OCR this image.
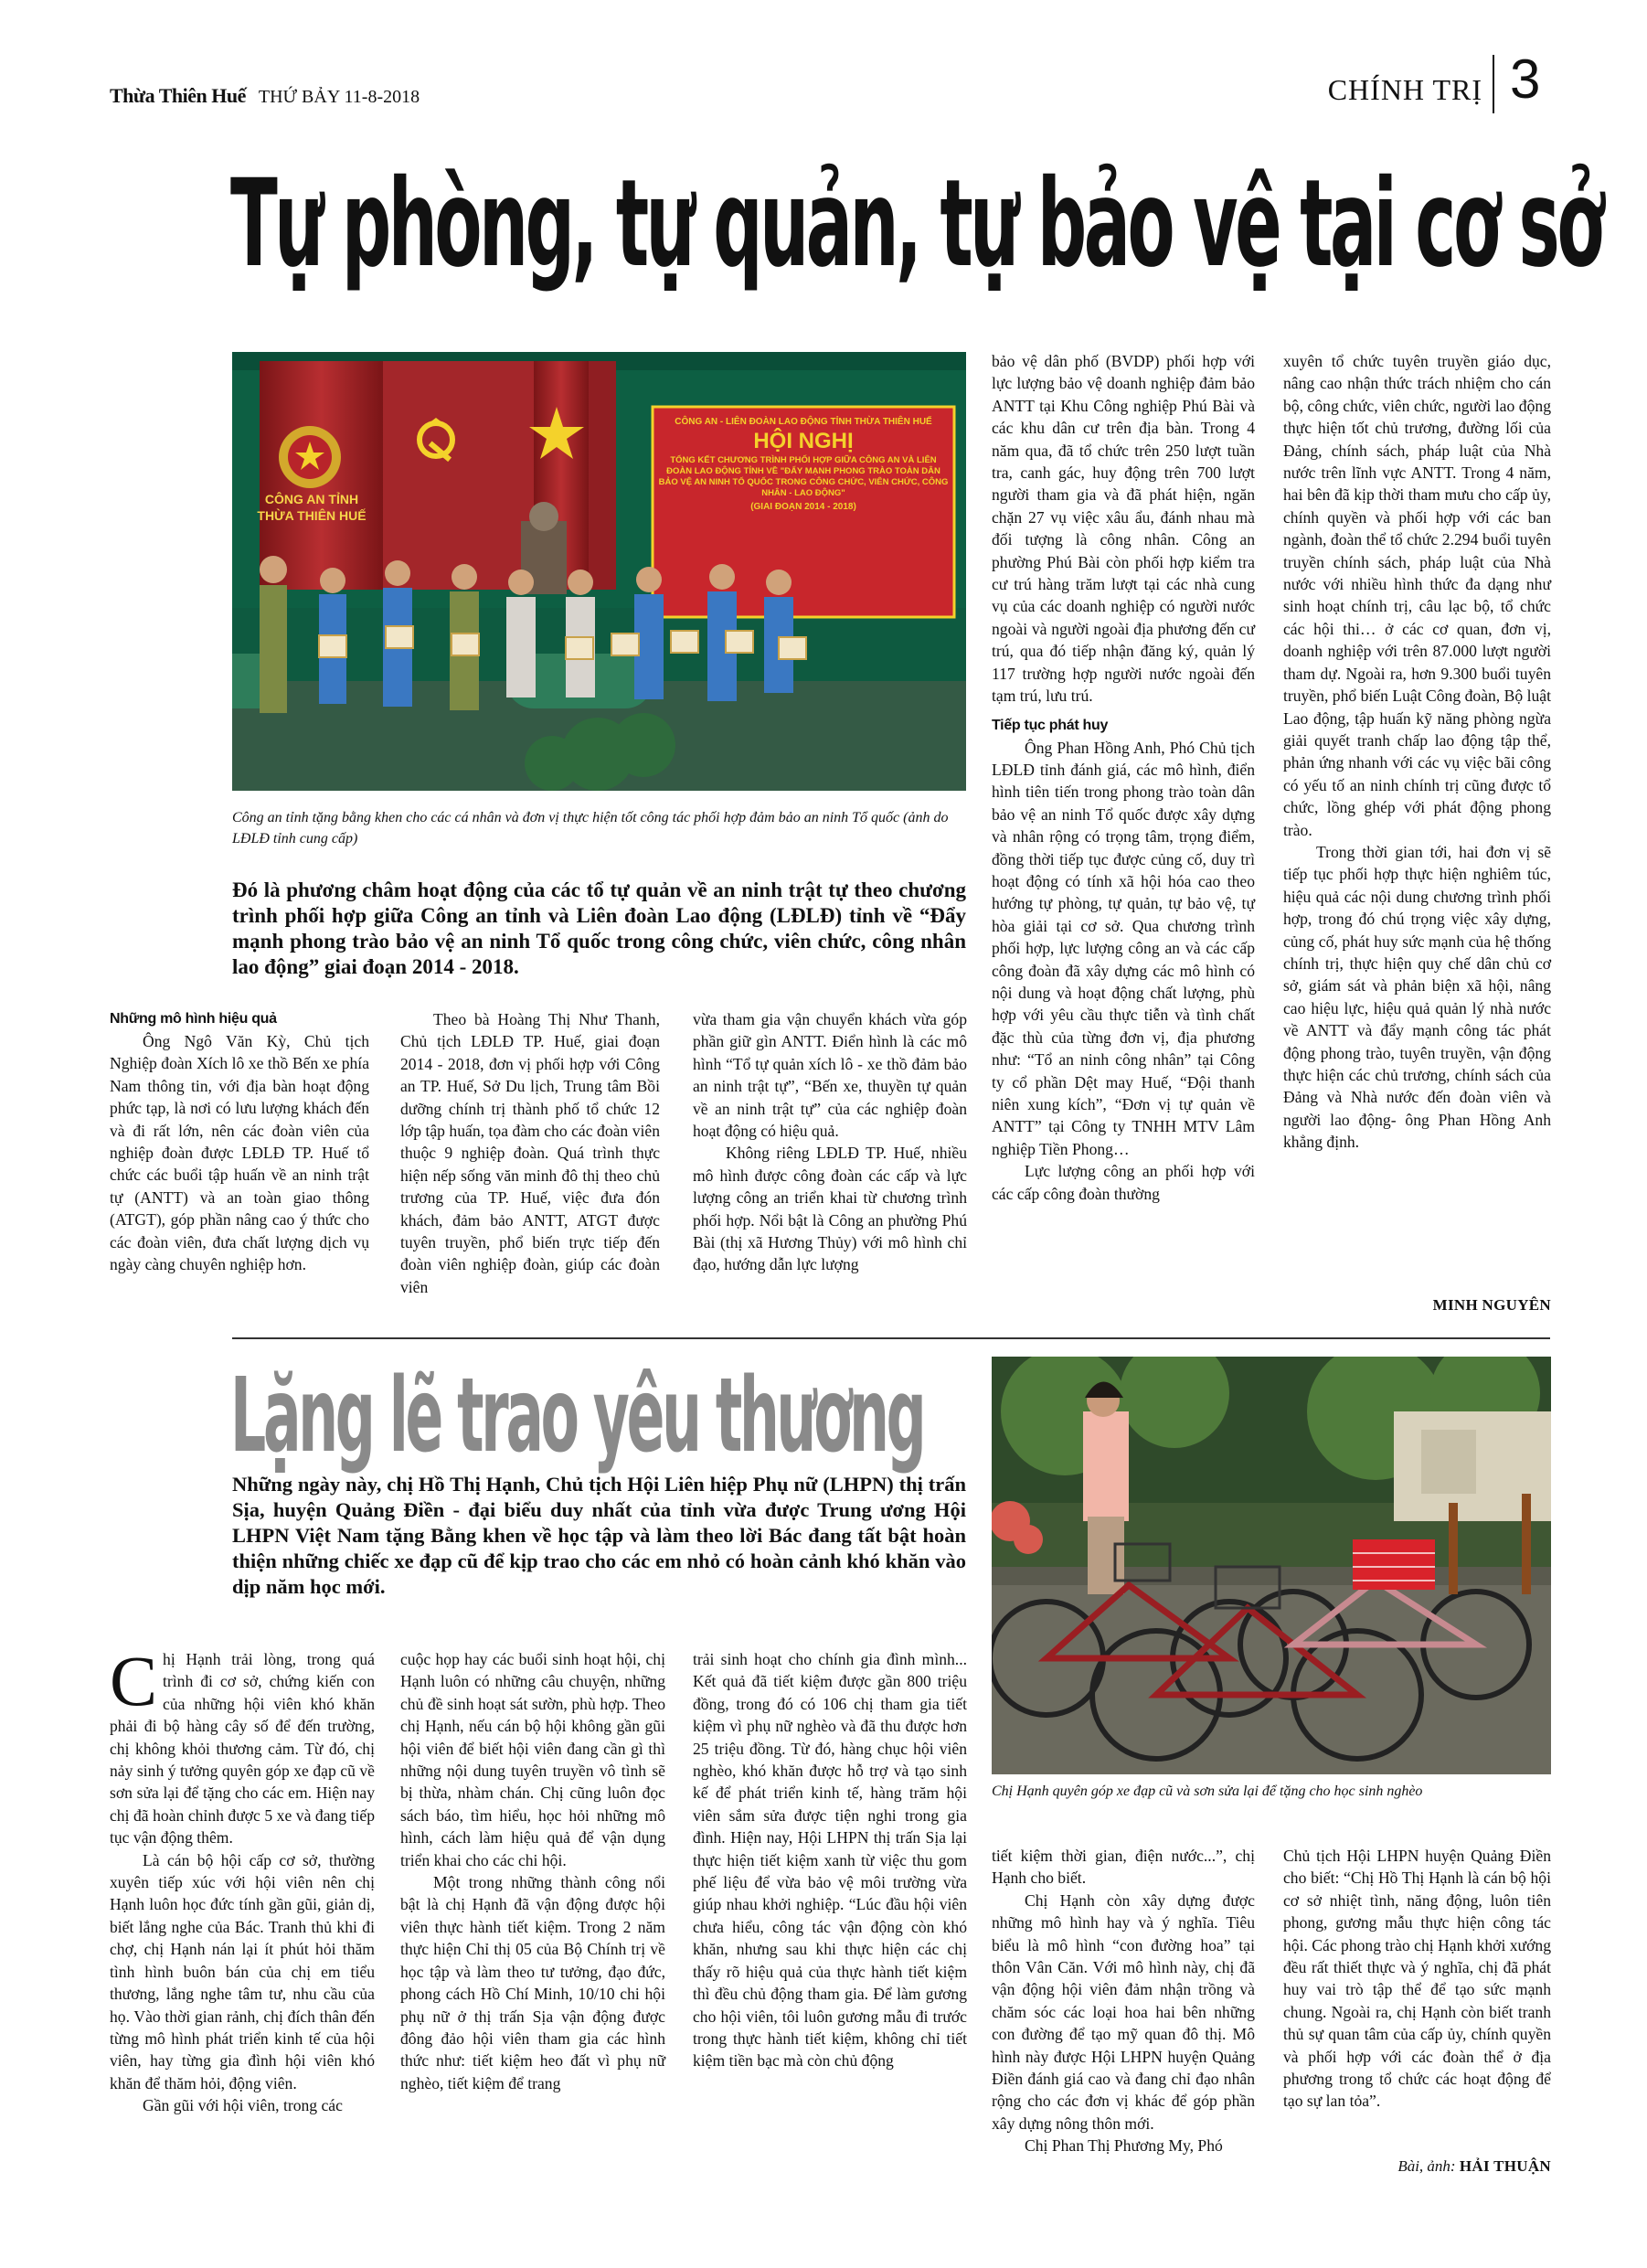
Thừa Thiên Huế THỨ BẢY 11-8-2018	CHÍNH TRỊ 3
Tự phòng, tự quản, tự bảo vệ tại cơ sở
CÔNG AN TỈNH THỪA THIÊN HUẾ
CÔNG AN - LIÊN ĐOÀN LAO ĐỘNG TỈNH THỪA THIÊN HUẾ
HỘI NGHỊ
TỔNG KẾT CHƯƠNG TRÌNH PHỐI HỢP GIỮA CÔNG AN VÀ LIÊN ĐOÀN LAO ĐỘNG TỈNH VỀ "ĐẨY MẠNH PHONG TRÀO TOÀN DÂN BẢO VỆ AN NINH TỔ QUỐC TRONG CÔNG CHỨC, VIÊN CHỨC, CÔNG NHÂN - LAO ĐỘNG"
(GIAI ĐOẠN 2014 - 2018)
Công an tỉnh tặng bằng khen cho các cá nhân và đơn vị thực hiện tốt công tác phối hợp đảm bảo an ninh Tổ quốc (ảnh do LĐLĐ tỉnh cung cấp)
Đó là phương châm hoạt động của các tổ tự quản về an ninh trật tự theo chương trình phối hợp giữa Công an tỉnh và Liên đoàn Lao động (LĐLĐ) tỉnh về “Đẩy mạnh phong trào bảo vệ an ninh Tổ quốc trong công chức, viên chức, công nhân lao động” giai đoạn 2014 - 2018.
Những mô hình hiệu quả

Ông Ngô Văn Kỳ, Chủ tịch Nghiệp đoàn Xích lô xe thồ Bến xe phía Nam thông tin, với địa bàn hoạt động phức tạp, là nơi có lưu lượng khách đến và đi rất lớn, nên các đoàn viên của nghiệp đoàn được LĐLĐ TP. Huế tổ chức các buổi tập huấn về an ninh trật tự (ANTT) và an toàn giao thông (ATGT), góp phần nâng cao ý thức cho các đoàn viên, đưa chất lượng dịch vụ ngày càng chuyên nghiệp hơn.

Theo bà Hoàng Thị Như Thanh, Chủ tịch LĐLĐ TP. Huế, giai đoạn 2014 - 2018, đơn vị phối hợp với Công an TP. Huế, Sở Du lịch, Trung tâm Bồi dưỡng chính trị thành phố tổ chức 12 lớp tập huấn, tọa đàm cho các đoàn viên thuộc 9 nghiệp đoàn. Quá trình thực hiện nếp sống văn minh đô thị theo chủ trương của TP. Huế, việc đưa đón khách, đảm bảo ANTT, ATGT được tuyên truyền, phổ biến trực tiếp đến đoàn viên nghiệp đoàn, giúp các đoàn viên

vừa tham gia vận chuyển khách vừa góp phần giữ gìn ANTT. Điển hình là các mô hình “Tổ tự quản xích lô - xe thồ đảm bảo an ninh trật tự”, “Bến xe, thuyền tự quản về an ninh trật tự” của các nghiệp đoàn hoạt động có hiệu quả.

Không riêng LĐLĐ TP. Huế, nhiều mô hình được công đoàn các cấp và lực lượng công an triển khai từ chương trình phối hợp. Nổi bật là Công an phường Phú Bài (thị xã Hương Thủy) với mô hình chỉ đạo, hướng dẫn lực lượng

bảo vệ dân phố (BVDP) phối hợp với lực lượng bảo vệ doanh nghiệp đảm bảo ANTT tại Khu Công nghiệp Phú Bài và các khu dân cư trên địa bàn. Trong 4 năm qua, đã tổ chức trên 250 lượt tuần tra, canh gác, huy động trên 700 lượt người tham gia và đã phát hiện, ngăn chặn 27 vụ việc xâu ẩu, đánh nhau mà đối tượng là công nhân. Công an phường Phú Bài còn phối hợp kiểm tra cư trú hàng trăm lượt tại các nhà cung vụ của các doanh nghiệp có người nước ngoài và người ngoài địa phương đến cư trú, qua đó tiếp nhận đăng ký, quản lý 117 trường hợp người nước ngoài đến tạm trú, lưu trú.

Tiếp tục phát huy

Ông Phan Hồng Anh, Phó Chủ tịch LĐLĐ tỉnh đánh giá, các mô hình, điển hình tiên tiến trong phong trào toàn dân bảo vệ an ninh Tổ quốc được xây dựng và nhân rộng có trọng tâm, trọng điểm, đồng thời tiếp tục được củng cố, duy trì hoạt động có tính xã hội hóa cao theo hướng tự phòng, tự quản, tự bảo vệ, tự hòa giải tại cơ sở. Qua chương trình phối hợp, lực lượng công an và các cấp công đoàn đã xây dựng các mô hình có nội dung và hoạt động chất lượng, phù hợp với yêu cầu thực tiễn và tình chất đặc thù của từng đơn vị, địa phương như: “Tổ an ninh công nhân” tại Công ty cổ phần Dệt may Huế, “Đội thanh niên xung kích”, “Đơn vị tự quản về ANTT” tại Công ty TNHH MTV Lâm nghiệp Tiền Phong…

Lực lượng công an phối hợp với các cấp công đoàn thường

xuyên tổ chức tuyên truyền giáo dục, nâng cao nhận thức trách nhiệm cho cán bộ, công chức, viên chức, người lao động thực hiện tốt chủ trương, đường lối của Đảng, chính sách, pháp luật của Nhà nước trên lĩnh vực ANTT. Trong 4 năm, hai bên đã kịp thời tham mưu cho cấp ủy, chính quyền và phối hợp với các ban ngành, đoàn thể tổ chức 2.294 buổi tuyên truyền chính sách, pháp luật của Nhà nước với nhiều hình thức đa dạng như sinh hoạt chính trị, câu lạc bộ, tổ chức các hội thi… ở các cơ quan, đơn vị, doanh nghiệp với trên 87.000 lượt người tham dự. Ngoài ra, hơn 9.300 buổi tuyên truyền, phổ biến Luật Công đoàn, Bộ luật Lao động, tập huấn kỹ năng phòng ngừa giải quyết tranh chấp lao động tập thể, phản ứng nhanh với các vụ việc bãi công có yếu tố an ninh chính trị cũng được tổ chức, lồng ghép với phát động phong trào.

Trong thời gian tới, hai đơn vị sẽ tiếp tục phối hợp thực hiện nghiêm túc, hiệu quả các nội dung chương trình phối hợp, trong đó chú trọng việc xây dựng, củng cố, phát huy sức mạnh của hệ thống chính trị, thực hiện quy chế dân chủ cơ sở, giám sát và phản biện xã hội, nâng cao hiệu lực, hiệu quả quản lý nhà nước về ANTT và đẩy mạnh công tác phát động phong trào, tuyên truyền, vận động thực hiện các chủ trương, chính sách của Đảng và Nhà nước đến đoàn viên và người lao động- ông Phan Hồng Anh khẳng định.

MINH NGUYÊN
Lặng lẽ trao yêu thương
Những ngày này, chị Hồ Thị Hạnh, Chủ tịch Hội Liên hiệp Phụ nữ (LHPN) thị trấn Sịa, huyện Quảng Điền - đại biểu duy nhất của tỉnh vừa được Trung ương Hội LHPN Việt Nam tặng Bằng khen về học tập và làm theo lời Bác đang tất bật hoàn thiện những chiếc xe đạp cũ để kịp trao cho các em nhỏ có hoàn cảnh khó khăn vào dịp năm học mới.
Chị Hạnh quyên góp xe đạp cũ và sơn sửa lại để tặng cho học sinh nghèo

Chị Hạnh trải lòng, trong quá trình đi cơ sở, chứng kiến con của những hội viên khó khăn phải đi bộ hàng cây số để đến trường, chị không khỏi thương cảm. Từ đó, chị nảy sinh ý tưởng quyên góp xe đạp cũ về sơn sửa lại để tặng cho các em. Hiện nay chị đã hoàn chỉnh được 5 xe và đang tiếp tục vận động thêm.

Là cán bộ hội cấp cơ sở, thường xuyên tiếp xúc với hội viên nên chị Hạnh luôn học đức tính gần gũi, giản dị, biết lắng nghe của Bác. Tranh thủ khi đi chợ, chị Hạnh nán lại ít phút hỏi thăm tình hình buôn bán của chị em tiểu thương, lắng nghe tâm tư, nhu cầu của họ. Vào thời gian rảnh, chị đích thân đến từng mô hình phát triển kinh tế của hội viên, hay từng gia đình hội viên khó khăn để thăm hỏi, động viên.

Gần gũi với hội viên, trong các

cuộc họp hay các buổi sinh hoạt hội, chị Hạnh luôn có những câu chuyện, những chủ đề sinh hoạt sát sườn, phù hợp. Theo chị Hạnh, nếu cán bộ hội không gần gũi hội viên để biết hội viên đang cần gì thì những nội dung tuyên truyền vô tình sẽ bị thừa, nhàm chán. Chị cũng luôn đọc sách báo, tìm hiểu, học hỏi những mô hình, cách làm hiệu quả để vận dụng triển khai cho các chi hội.

Một trong những thành công nổi bật là chị Hạnh đã vận động được hội viên thực hành tiết kiệm. Trong 2 năm thực hiện Chỉ thị 05 của Bộ Chính trị về học tập và làm theo tư tưởng, đạo đức, phong cách Hồ Chí Minh, 10/10 chi hội phụ nữ ở thị trấn Sịa vận động được đông đảo hội viên tham gia các hình thức như: tiết kiệm heo đất vì phụ nữ nghèo, tiết kiệm để trang

trải sinh hoạt cho chính gia đình mình... Kết quả đã tiết kiệm được gần 800 triệu đồng, trong đó có 106 chị tham gia tiết kiệm vì phụ nữ nghèo và đã thu được hơn 25 triệu đồng. Từ đó, hàng chục hội viên nghèo, khó khăn được hỗ trợ và tạo sinh kế để phát triển kinh tế, hàng trăm hội viên sắm sửa được tiện nghi trong gia đình. Hiện nay, Hội LHPN thị trấn Sịa lại thực hiện tiết kiệm xanh từ việc thu gom phế liệu để vừa bảo vệ môi trường vừa giúp nhau khởi nghiệp. “Lúc đầu hội viên chưa hiểu, công tác vận động còn khó khăn, nhưng sau khi thực hiện các chị thấy rõ hiệu quả của thực hành tiết kiệm thì đều chủ động tham gia. Để làm gương cho hội viên, tôi luôn gương mẫu đi trước trong thực hành tiết kiệm, không chỉ tiết kiệm tiền bạc mà còn chủ động

tiết kiệm thời gian, điện nước...”, chị Hạnh cho biết.

Chị Hạnh còn xây dựng được những mô hình hay và ý nghĩa. Tiêu biểu là mô hình “con đường hoa” tại thôn Vân Căn. Với mô hình này, chị đã vận động hội viên đảm nhận trồng và chăm sóc các loại hoa hai bên những con đường để tạo mỹ quan đô thị. Mô hình này được Hội LHPN huyện Quảng Điền đánh giá cao và đang chỉ đạo nhân rộng cho các đơn vị khác để góp phần xây dựng nông thôn mới.

Chị Phan Thị Phương My, Phó

Chủ tịch Hội LHPN huyện Quảng Điền cho biết: “Chị Hồ Thị Hạnh là cán bộ hội cơ sở nhiệt tình, năng động, luôn tiên phong, gương mẫu thực hiện công tác hội. Các phong trào chị Hạnh khởi xướng đều rất thiết thực và ý nghĩa, chị đã phát huy vai trò tập thể để tạo sức mạnh chung. Ngoài ra, chị Hạnh còn biết tranh thủ sự quan tâm của cấp ủy, chính quyền và phối hợp với các đoàn thể ở địa phương trong tổ chức các hoạt động để tạo sự lan tỏa”.

Bài, ảnh: HẢI THUẬN
